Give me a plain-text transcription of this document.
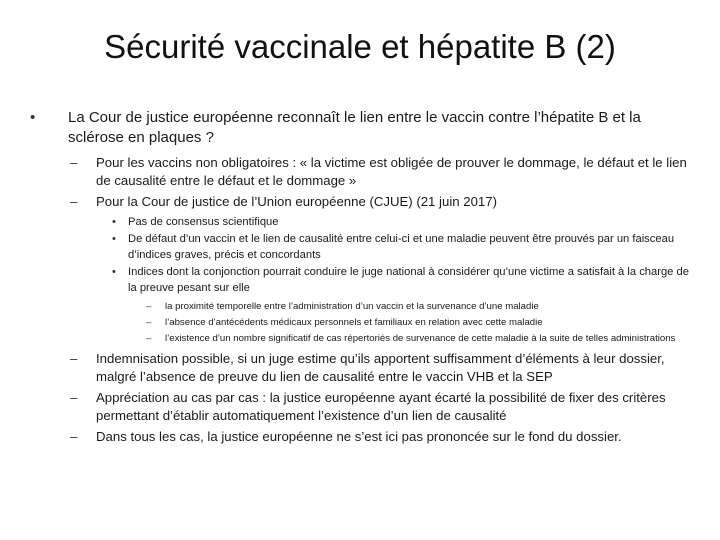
Sécurité vaccinale et hépatite B (2)
• La Cour de justice européenne reconnaît le lien entre le vaccin contre l’hépatite B et la sclérose en plaques ?
– Pour les vaccins non obligatoires : « la victime est obligée de prouver le dommage, le défaut et le lien de causalité entre le défaut et le dommage »
– Pour la Cour de justice de l’Union européenne (CJUE) (21 juin 2017)
• Pas de consensus scientifique
• De défaut d’un vaccin et le lien de causalité entre celui-ci et une maladie peuvent être prouvés par un faisceau d’indices graves, précis et concordants
• Indices dont la conjonction pourrait conduire le juge national à considérer qu’une victime a satisfait à la charge de la preuve pesant sur elle
– la proximité temporelle entre l’administration d’un vaccin et la survenance d’une maladie
– l’absence d’antécédents médicaux personnels et familiaux en relation avec cette maladie
– l’existence d’un nombre significatif de cas répertoriés de survenance de cette maladie à la suite de telles administrations
– Indemnisation possible, si un juge estime qu’ils apportent suffisamment d’éléments à leur dossier, malgré l’absence de preuve du lien de causalité entre le vaccin VHB et la SEP
– Appréciation au cas par cas : la justice européenne ayant écarté la possibilité de fixer des critères permettant d’établir automatiquement l’existence d’un lien de causalité
– Dans tous les cas, la justice européenne ne s’est ici pas prononcée sur le fond du dossier.
